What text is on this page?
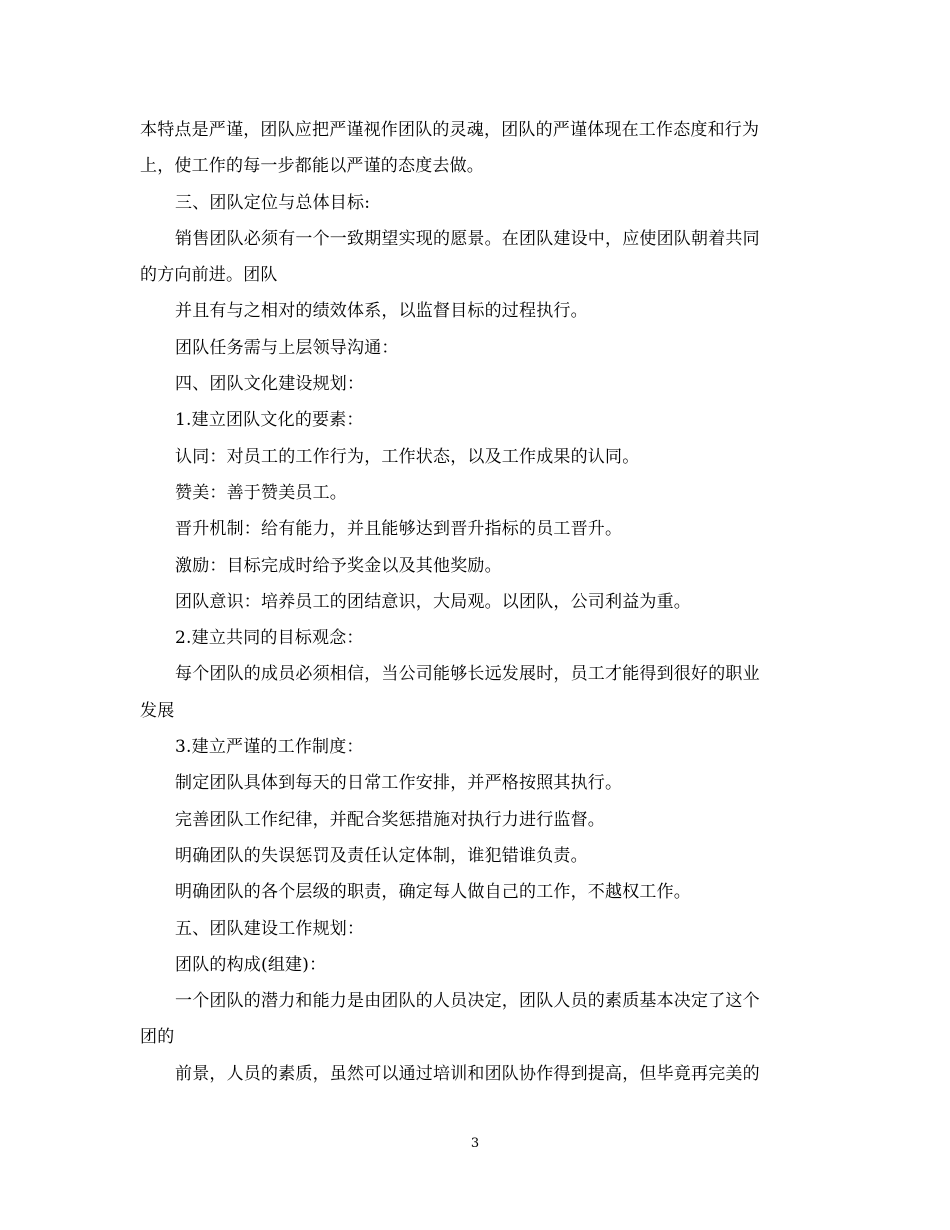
本特点是严谨，团队应把严谨视作团队的灵魂，团队的严谨体现在工作态度和行为
上，使工作的每一步都能以严谨的态度去做。
三、团队定位与总体目标:
销售团队必须有一个一致期望实现的愿景。在团队建设中，应使团队朝着共同
的方向前进。团队
并且有与之相对的绩效体系，以监督目标的过程执行。
团队任务需与上层领导沟通：
四、团队文化建设规划：
1.建立团队文化的要素：
认同：对员工的工作行为，工作状态，以及工作成果的认同。
赞美：善于赞美员工。
晋升机制：给有能力，并且能够达到晋升指标的员工晋升。
激励：目标完成时给予奖金以及其他奖励。
团队意识：培养员工的团结意识，大局观。以团队，公司利益为重。
2.建立共同的目标观念：
每个团队的成员必须相信，当公司能够长远发展时，员工才能得到很好的职业
发展
3.建立严谨的工作制度：
制定团队具体到每天的日常工作安排，并严格按照其执行。
完善团队工作纪律，并配合奖惩措施对执行力进行监督。
明确团队的失误惩罚及责任认定体制，谁犯错谁负责。
明确团队的各个层级的职责，确定每人做自己的工作，不越权工作。
五、团队建设工作规划：
团队的构成(组建)：
一个团队的潜力和能力是由团队的人员决定，团队人员的素质基本决定了这个
团的
前景，人员的素质，虽然可以通过培训和团队协作得到提高，但毕竟再完美的
3
